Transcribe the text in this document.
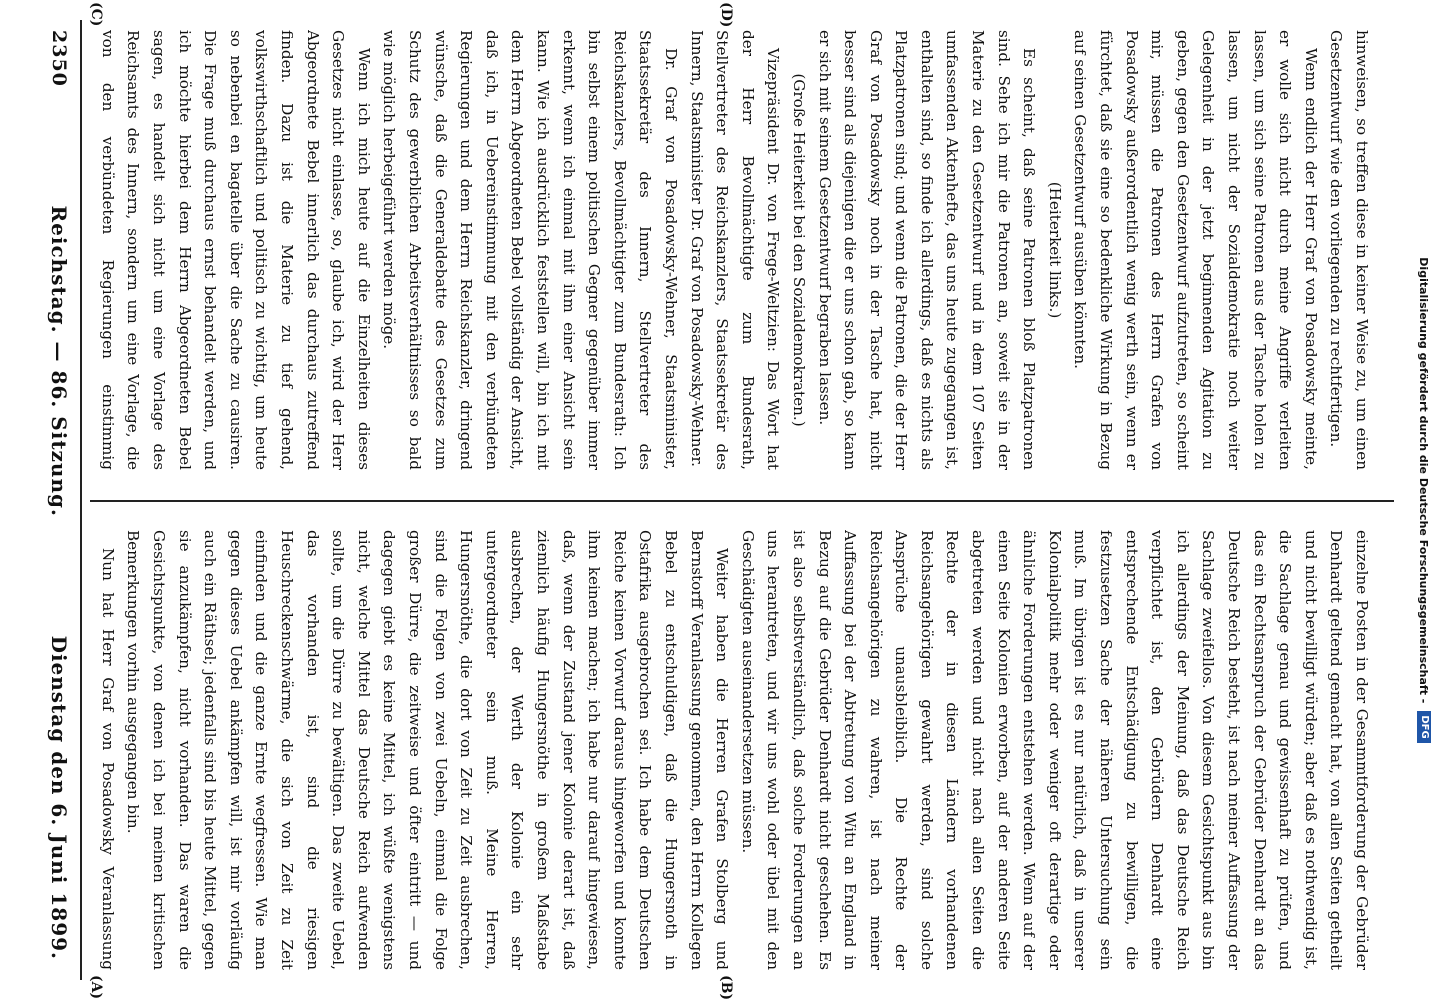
Digitalisierung gefördert durch die Deutsche Forschungsgemeinschaft -
DFG
2350
Reichstag. — 86. Sitzung.
Dienstag den 6. Juni 1899.	einzelne Posten in der Gesammtforderung der Gebrüder Denhardt geltend gemacht hat, von allen Seiten getheilt und nicht bewilligt würden; aber daß es nothwendig ist, die Sachlage genau und gewissenhaft zu prüfen, und das ein Rechtsanspruch der Gebrüder Denhardt an das Deutsche Reich besteht, ist nach meiner Auffassung der Sachlage zweifellos. Von diesem Gesichtspunkt aus bin ich allerdings der Meinung, daß das Deutsche Reich verpflichtet ist, den Gebrüdern Denhardt eine entsprechende Entschädigung zu bewilligen, die festzusetzen Sache der näheren Untersuchung sein muß. Im übrigen ist es nur natürlich, daß in unserer Kolonialpolitik mehr oder weniger oft derartige oder ähnliche Forderungen entstehen werden. Wenn auf der einen Seite Kolonien erworben, auf der anderen Seite abgetreten werden und nicht nach allen Seiten die Rechte der in diesen Ländern vorhandenen Reichsangehörigen gewahrt werden, sind solche Ansprüche unausbleiblich. Die Rechte der Reichsangehörigen zu wahren, ist nach meiner Auffassung bei der Abtretung von Witu an England in Bezug auf die Gebrüder Denhardt nicht geschehen. Es ist also selbstverständlich, daß solche Forderungen an uns herantreten, und wir uns wohl oder übel mit den Geschädigten auseinandersetzen müssen.

Weiter haben die Herren Grafen Stolberg und Bernstorff Veranlassung genommen, den Herrn Kollegen Bebel zu entschuldigen, daß die Hungersnoth in Ostafrika ausgebrochen sei. Ich habe dem Deutschen Reiche keinen Vorwurf daraus hingeworfen und konnte ihm keinen machen; ich habe nur darauf hingewiesen, daß, wenn der Zustand jener Kolonie derart ist, daß ziemlich häufig Hungersnöthe in großem Maßstabe ausbrechen, der Werth der Kolonie ein sehr untergeordneter sein muß. Meine Herren, Hungersnöthe, die dort von Zeit zu Zeit ausbrechen, sind die Folgen von zwei Uebeln, einmal die Folge großer Dürre, die zeitweise und öfter eintritt — und dagegen giebt es keine Mittel, ich wüßte wenigstens nicht, welche Mittel das Deutsche Reich aufwenden sollte, um die Dürre zu bewältigen. Das zweite Uebel, das vorhanden ist, sind die riesigen Heuschreckenschwärme, die sich von Zeit zu Zeit einfinden und die ganze Ernte wegfressen. Wie man gegen dieses Uebel ankämpfen will, ist mir vorläufig auch ein Räthsel; jedenfalls sind bis heute Mittel, gegen sie anzukämpfen, nicht vorhanden. Das waren die Gesichtspunkte, von denen ich bei meinen kritischen Bemerkungen vorhin ausgegangen bin.

Nun hat Herr Graf von Posadowsky Veranlassung

hinweisen, so treffen diese in keiner Weise zu, um einen Gesetzentwurf wie den vorliegenden zu rechtfertigen.

Wenn endlich der Herr Graf von Posadowsky meinte, er wolle sich nicht durch meine Angriffe verleiten lassen, um sich seine Patronen aus der Tasche holen zu lassen, um nicht der Sozialdemokratie noch weiter Gelegenheit in der jetzt beginnenden Agitation zu geben, gegen den Gesetzentwurf aufzutreten, so scheint mir, müssen die Patronen des Herrn Grafen von Posadowsky außerordentlich wenig werth sein, wenn er fürchtet, daß sie eine so bedenkliche Wirkung in Bezug auf seinen Gesetzentwurf ausüben könnten.

(Heiterkeit links.)

Es scheint, daß seine Patronen bloß Platzpatronen sind. Sehe ich mir die Patronen an, soweit sie in der Materie zu den Gesetzentwurf und in dem 107 Seiten umfassenden Aktenhefte, das uns heute zugegangen ist, enthalten sind, so finde ich allerdings, daß es nichts als Platzpatronen sind; und wenn die Patronen, die der Herr Graf von Posadowsky noch in der Tasche hat, nicht besser sind als diejenigen die er uns schon gab, so kann er sich mit seinem Gesetzentwurf begraben lassen.

(Große Heiterkeit bei den Sozialdemokraten.)

Vizepräsident Dr. von Frege-Weltzien: Das Wort hat der Herr Bevollmächtigte zum Bundesrath, Stellvertreter des Reichskanzlers, Staatssekretär des Innern, Staatsminister Dr. Graf von Posadowsky-Wehner.

Dr. Graf von Posadowsky-Wehner, Staatsminister, Staatssekretär des Innern, Stellvertreter des Reichskanzlers, Bevollmächtigter zum Bundesrath: Ich bin selbst einem politischen Gegner gegenüber immer erkennt, wenn ich einmal mit ihm einer Ansicht sein kann. Wie ich ausdrücklich feststellen will, bin ich mit dem Herrn Abgeordneten Bebel vollständig der Ansicht, daß ich, in Uebereinstimmung mit den verbündeten Regierungen und dem Herrn Reichskanzler, dringend wünsche, daß die Generaldebatte des Gesetzes zum Schutz des gewerblichen Arbeitsverhältnisses so bald wie möglich herbeigeführt werden möge.

Wenn ich mich heute auf die Einzelheiten dieses Gesetzes nicht einlasse, so, glaube ich, wird der Herr Abgeordnete Bebel innerlich das durchaus zutreffend finden. Dazu ist die Materie zu tief gehend, volkswirthschaftlich und politisch zu wichtig, um heute so nebenbei en bagatelle über die Sache zu causiren. Die Frage muß durchaus ernst behandelt werden, und ich möchte hierbei dem Herrn Abgeordneten Bebel sagen, es handelt sich nicht um eine Vorlage des Reichsamts des Innern, sondern um eine Vorlage, die von den verbündeten Regierungen einstimmig

(A)	(B)
(C)	(D)
